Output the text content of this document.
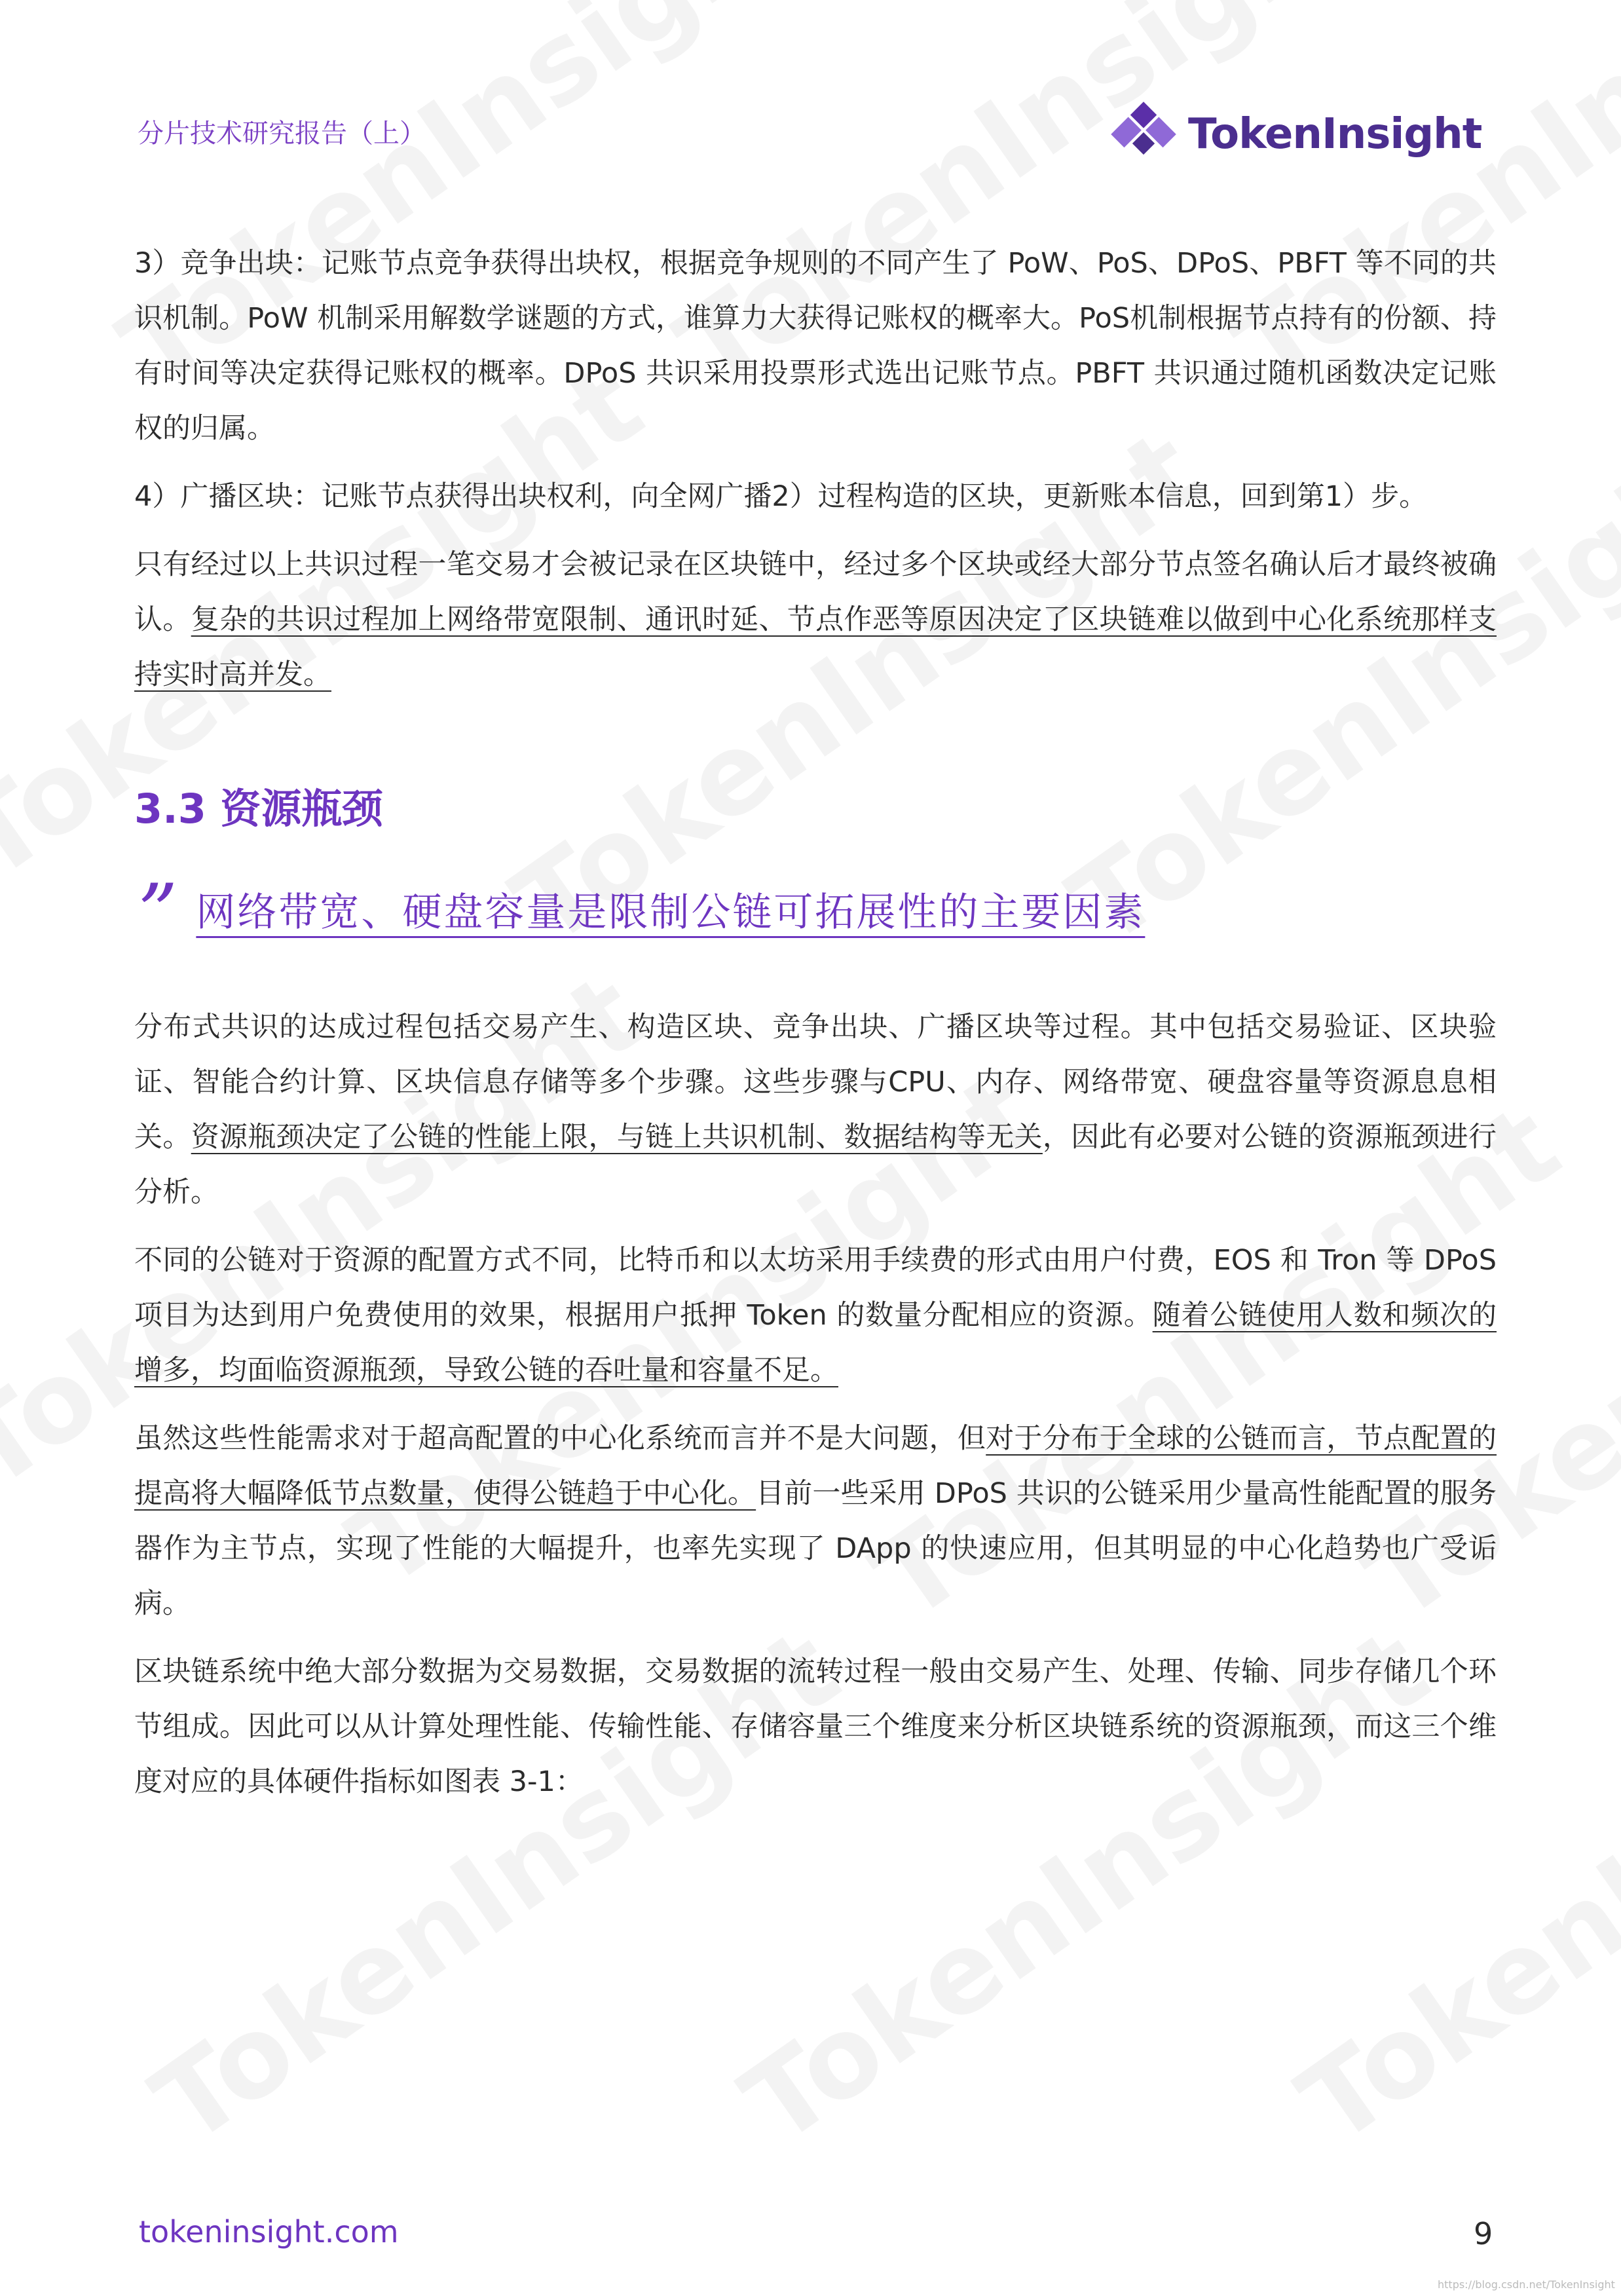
分片技术研究报告（上）	TokenInsight

3）竞争出块：记账节点竞争获得出块权，根据竞争规则的不同产生了 PoW、PoS、DPoS、PBFT 等不同的共识机制。PoW 机制采用解数学谜题的方式，谁算力大获得记账权的概率大。PoS机制根据节点持有的份额、持有时间等决定获得记账权的概率。DPoS 共识采用投票形式选出记账节点。PBFT 共识通过随机函数决定记账权的归属。

4）广播区块：记账节点获得出块权利，向全网广播2）过程构造的区块，更新账本信息，回到第1）步。

只有经过以上共识过程一笔交易才会被记录在区块链中，经过多个区块或经大部分节点签名确认后才最终被确认。复杂的共识过程加上网络带宽限制、通讯时延、节点作恶等原因决定了区块链难以做到中心化系统那样支持实时高并发。

3.3 资源瓶颈
” 网络带宽、硬盘容量是限制公链可拓展性的主要因素

分布式共识的达成过程包括交易产生、构造区块、竞争出块、广播区块等过程。其中包括交易验证、区块验证、智能合约计算、区块信息存储等多个步骤。这些步骤与CPU、内存、网络带宽、硬盘容量等资源息息相关。资源瓶颈决定了公链的性能上限，与链上共识机制、数据结构等无关，因此有必要对公链的资源瓶颈进行分析。

不同的公链对于资源的配置方式不同，比特币和以太坊采用手续费的形式由用户付费，EOS 和 Tron 等 DPoS 项目为达到用户免费使用的效果，根据用户抵押 Token 的数量分配相应的资源。随着公链使用人数和频次的增多，均面临资源瓶颈，导致公链的吞吐量和容量不足。

虽然这些性能需求对于超高配置的中心化系统而言并不是大问题，但对于分布于全球的公链而言，节点配置的提高将大幅降低节点数量，使得公链趋于中心化。目前一些采用 DPoS 共识的公链采用少量高性能配置的服务器作为主节点，实现了性能的大幅提升，也率先实现了 DApp 的快速应用，但其明显的中心化趋势也广受诟病。

区块链系统中绝大部分数据为交易数据，交易数据的流转过程一般由交易产生、处理、传输、同步存储几个环节组成。因此可以从计算处理性能、传输性能、存储容量三个维度来分析区块链系统的资源瓶颈，而这三个维度对应的具体硬件指标如图表 3-1：

tokeninsight.com	9
https://blog.csdn.net/TokenInsight
